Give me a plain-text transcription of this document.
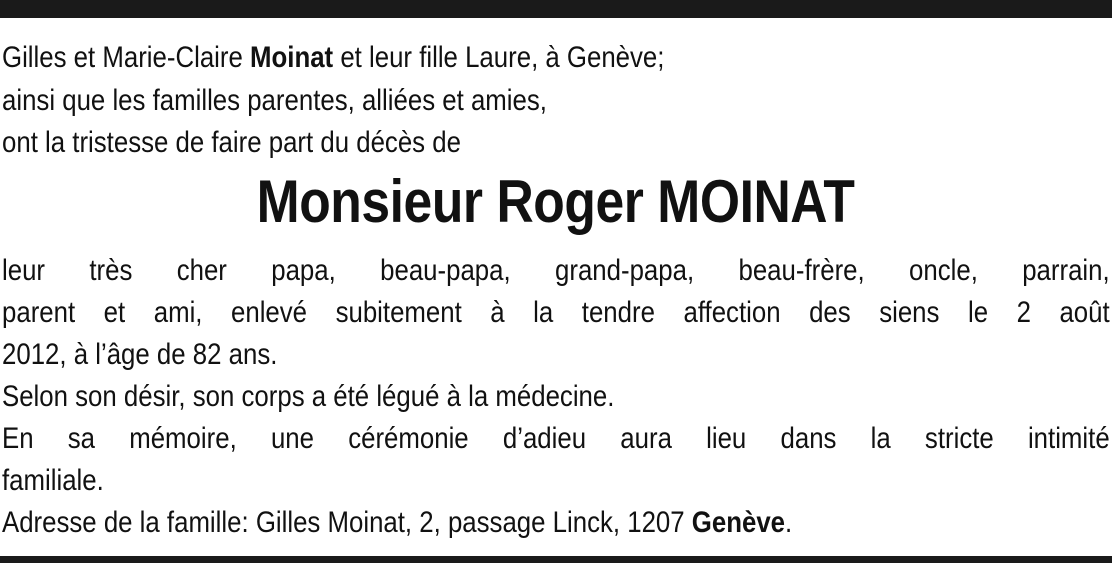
Gilles et Marie-Claire Moinat et leur fille Laure, à Genève;
ainsi que les familles parentes, alliées et amies,
ont la tristesse de faire part du décès de
Monsieur Roger MOINAT
leur très cher papa, beau-papa, grand-papa, beau-frère, oncle, parrain,
parent et ami, enlevé subitement à la tendre affection des siens le 2 août
2012, à l’âge de 82 ans.
Selon son désir, son corps a été légué à la médecine.
En sa mémoire, une cérémonie d’adieu aura lieu dans la stricte intimité
familiale.
Adresse de la famille: Gilles Moinat, 2, passage Linck, 1207 Genève.
